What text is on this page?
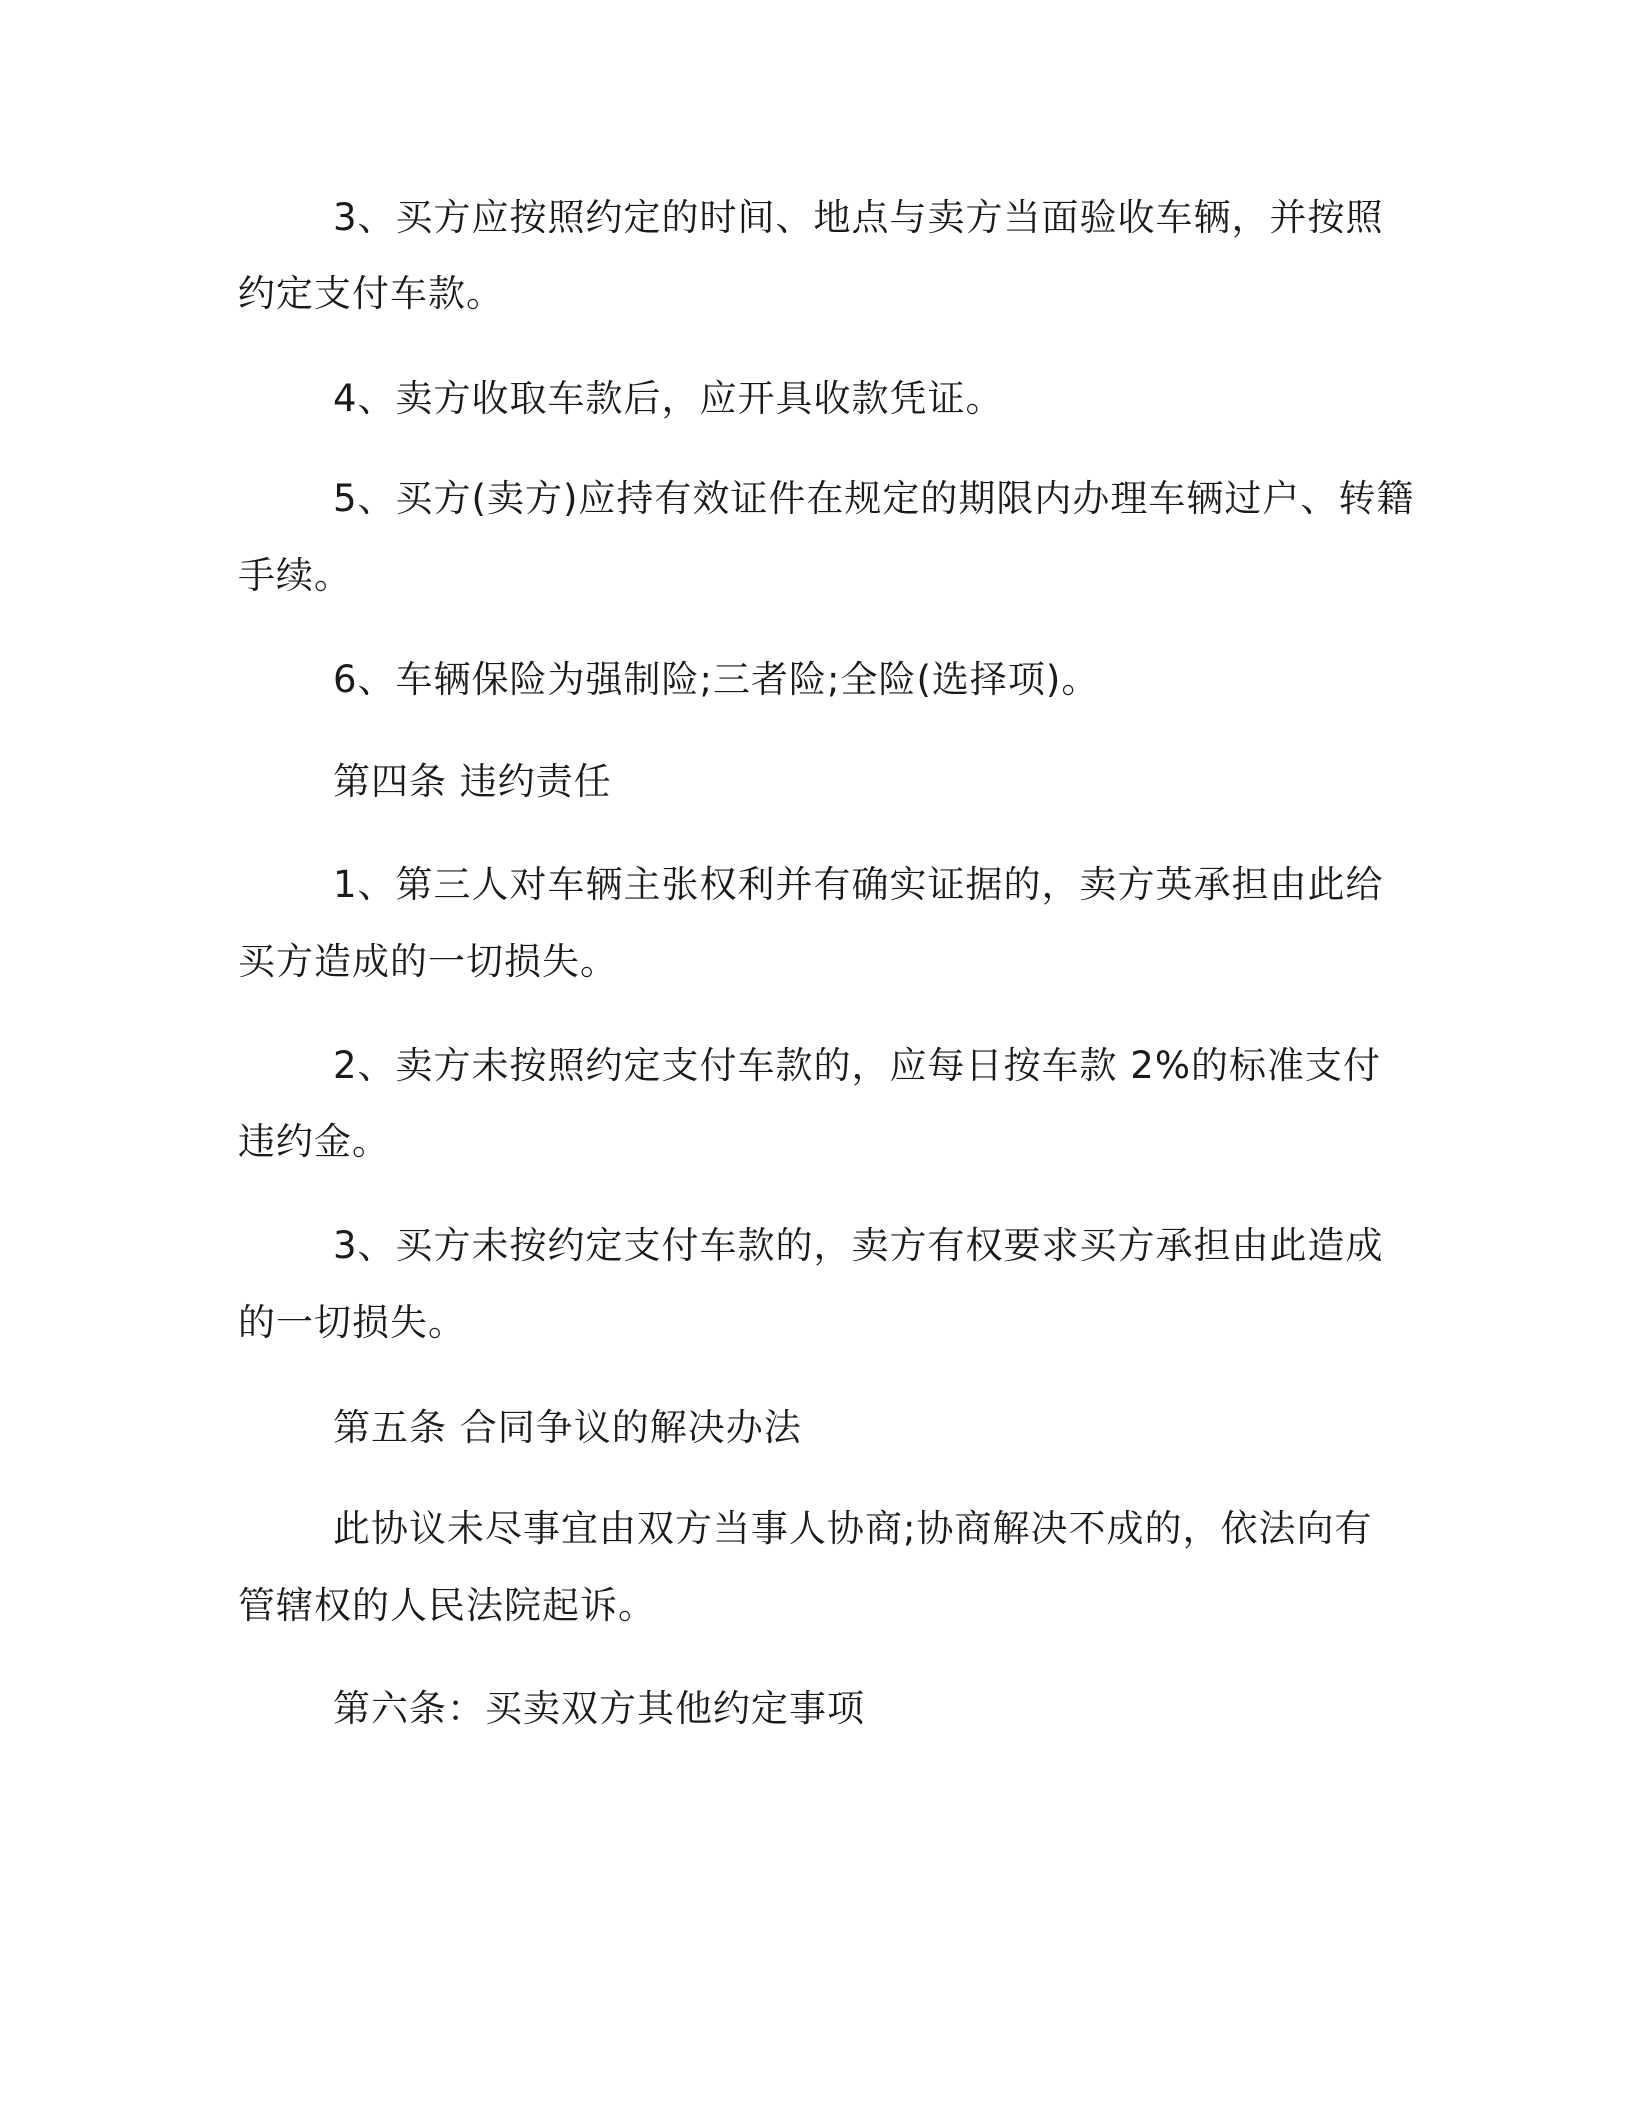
3、买方应按照约定的时间、地点与卖方当面验收车辆，并按照
约定支付车款。
4、卖方收取车款后，应开具收款凭证。
5、买方(卖方)应持有效证件在规定的期限内办理车辆过户、转籍
手续。
6、车辆保险为强制险;三者险;全险(选择项)。
第四条 违约责任
1、第三人对车辆主张权利并有确实证据的，卖方英承担由此给
买方造成的一切损失。
2、卖方未按照约定支付车款的，应每日按车款 2%的标准支付
违约金。
3、买方未按约定支付车款的，卖方有权要求买方承担由此造成
的一切损失。
第五条 合同争议的解决办法
此协议未尽事宜由双方当事人协商;协商解决不成的，依法向有
管辖权的人民法院起诉。
第六条：买卖双方其他约定事项
